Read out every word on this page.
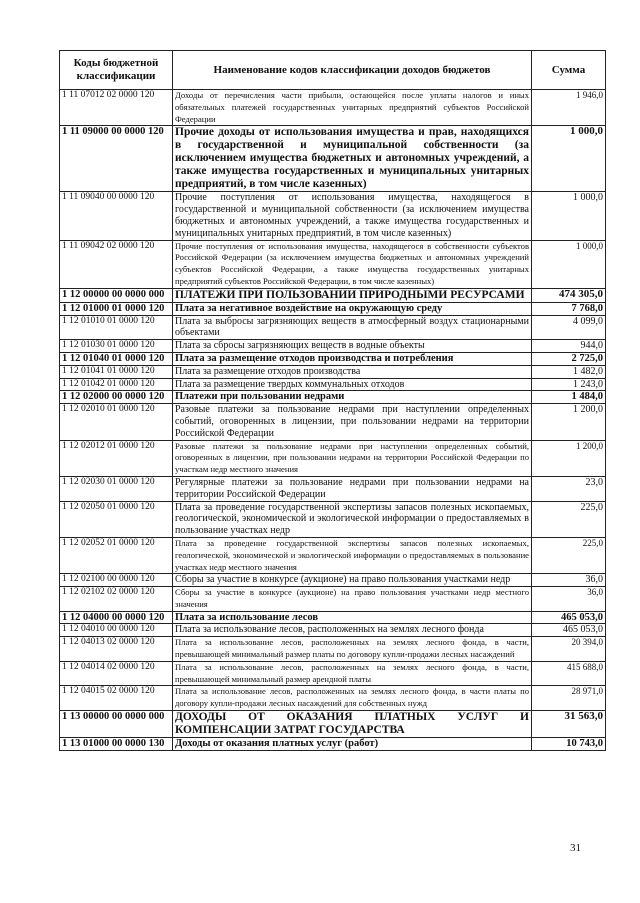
Коды бюджетной классификации	Наименование кодов классификации доходов бюджетов	Сумма
1 11 07012 02 0000 120	Доходы от перечисления части прибыли, остающейся после уплаты налогов и иных обязательных платежей государственных унитарных предприятий субъектов Российской Федерации	1 946,0
1 11 09000 00 0000 120	Прочие доходы от использования имущества и прав, находящихся в государственной и муниципальной собственности (за исключением имущества бюджетных и автономных учреждений, а также имущества государственных и муниципальных унитарных предприятий, в том числе казенных)	1 000,0
1 11 09040 00 0000 120	Прочие поступления от использования имущества, находящегося в государственной и муниципальной собственности (за исключением имущества бюджетных и автономных учреждений, а также имущества государственных и муниципальных унитарных предприятий, в том числе казенных)	1 000,0
1 11 09042 02 0000 120	Прочие поступления от использования имущества, находящегося в собственности субъектов Российской Федерации (за исключением имущества бюджетных и автономных учреждений субъектов Российской Федерации, а также имущества государственных унитарных предприятий субъектов Российской Федерации, в том числе казенных)	1 000,0
1 12 00000 00 0000 000	ПЛАТЕЖИ ПРИ ПОЛЬЗОВАНИИ ПРИРОДНЫМИ РЕСУРСАМИ	474 305,0
1 12 01000 01 0000 120	Плата за негативное воздействие на окружающую среду	7 768,0
1 12 01010 01 0000 120	Плата за выбросы загрязняющих веществ в атмосферный воздух стационарными объектами	4 099,0
1 12 01030 01 0000 120	Плата за сбросы загрязняющих веществ в водные объекты	944,0
1 12 01040 01 0000 120	Плата за размещение отходов производства и потребления	2 725,0
1 12 01041 01 0000 120	Плата за размещение отходов производства	1 482,0
1 12 01042 01 0000 120	Плата за размещение твердых коммунальных отходов	1 243,0
1 12 02000 00 0000 120	Платежи при пользовании недрами	1 484,0
1 12 02010 01 0000 120	Разовые платежи за пользование недрами при наступлении определенных событий, оговоренных в лицензии, при пользовании недрами на территории Российской Федерации	1 200,0
1 12 02012 01 0000 120	Разовые платежи за пользование недрами при наступлении определенных событий, оговоренных в лицензии, при пользовании недрами на территории Российской Федерации по участкам недр местного значения	1 200,0
1 12 02030 01 0000 120	Регулярные платежи за пользование недрами при пользовании недрами на территории Российской Федерации	23,0
1 12 02050 01 0000 120	Плата за проведение государственной экспертизы запасов полезных ископаемых, геологической, экономической и экологической информации о предоставляемых в пользование участках недр	225,0
1 12 02052 01 0000 120	Плата за проведение государственной экспертизы запасов полезных ископаемых, геологической, экономической и экологической информации о предоставляемых в пользование участках недр местного значения	225,0
1 12 02100 00 0000 120	Сборы за участие в конкурсе (аукционе) на право пользования участками недр	36,0
1 12 02102 02 0000 120	Сборы за участие в конкурсе (аукционе) на право пользования участками недр местного значения	36,0
1 12 04000 00 0000 120	Плата за использование лесов	465 053,0
1 12 04010 00 0000 120	Плата за использование лесов, расположенных на землях лесного фонда	465 053,0
1 12 04013 02 0000 120	Плата за использование лесов, расположенных на землях лесного фонда, в части, превышающей минимальный размер платы по договору купли-продажи лесных насаждений	20 394,0
1 12 04014 02 0000 120	Плата за использование лесов, расположенных на землях лесного фонда, в части, превышающей минимальный размер арендной платы	415 688,0
1 12 04015 02 0000 120	Плата за использование лесов, расположенных на землях лесного фонда, в части платы по договору купли-продажи лесных насаждений для собственных нужд	28 971,0
1 13 00000 00 0000 000	ДОХОДЫ ОТ ОКАЗАНИЯ ПЛАТНЫХ УСЛУГ И КОМПЕНСАЦИИ ЗАТРАТ ГОСУДАРСТВА	31 563,0
1 13 01000 00 0000 130	Доходы от оказания платных услуг (работ)	10 743,0
31
